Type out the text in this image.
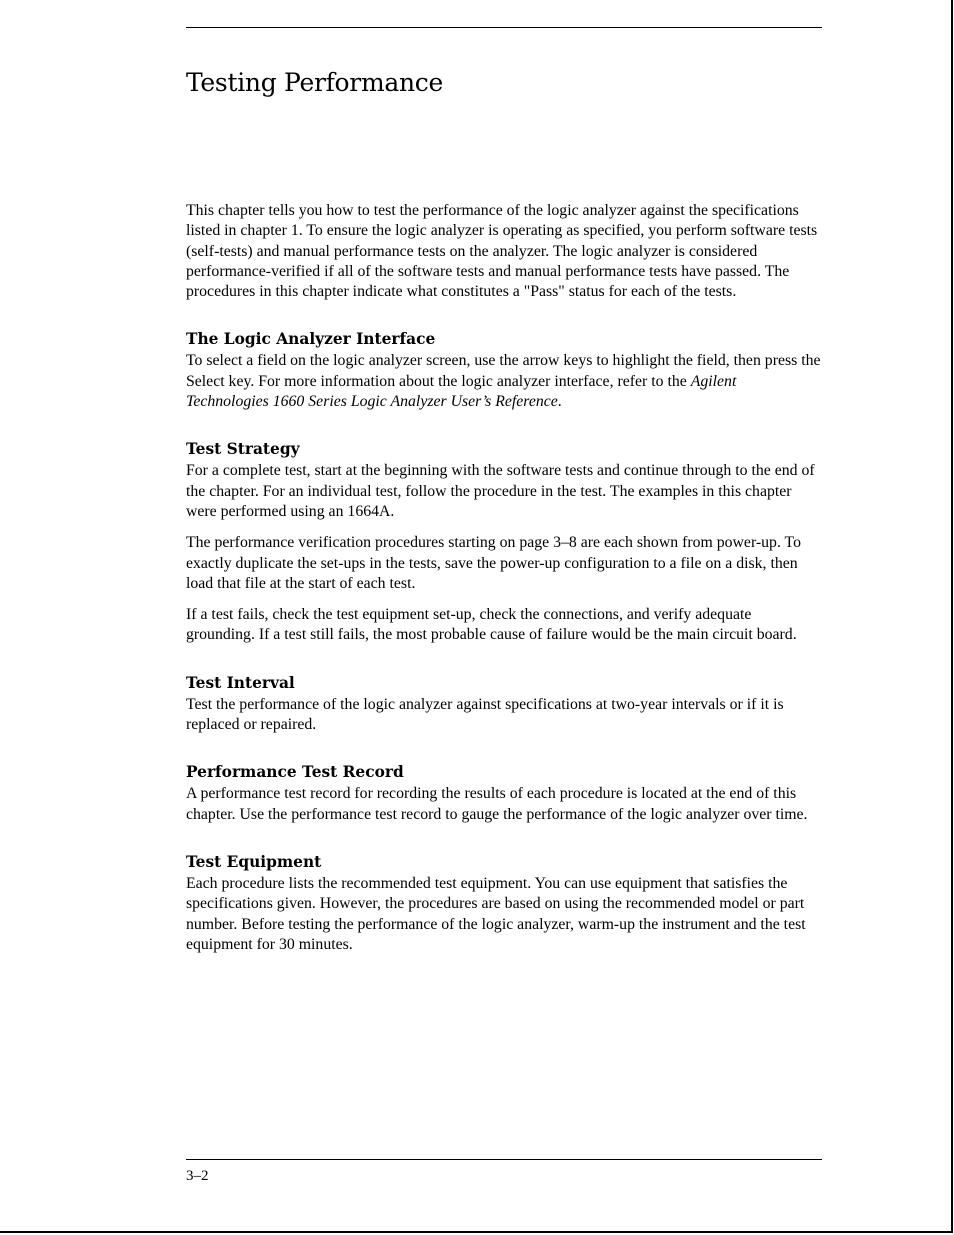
Testing Performance

This chapter tells you how to test the performance of the logic analyzer against the specifications listed in chapter 1. To ensure the logic analyzer is operating as specified, you perform software tests (self-tests) and manual performance tests on the analyzer. The logic analyzer is considered performance-verified if all of the software tests and manual performance tests have passed. The procedures in this chapter indicate what constitutes a "Pass" status for each of the tests.

The Logic Analyzer Interface

To select a field on the logic analyzer screen, use the arrow keys to highlight the field, then press the Select key. For more information about the logic analyzer interface, refer to the Agilent Technologies 1660 Series Logic Analyzer User’s Reference.

Test Strategy

For a complete test, start at the beginning with the software tests and continue through to the end of the chapter. For an individual test, follow the procedure in the test. The examples in this chapter were performed using an 1664A.

The performance verification procedures starting on page 3–8 are each shown from power-up. To exactly duplicate the set-ups in the tests, save the power-up configuration to a file on a disk, then load that file at the start of each test.

If a test fails, check the test equipment set-up, check the connections, and verify adequate grounding. If a test still fails, the most probable cause of failure would be the main circuit board.

Test Interval

Test the performance of the logic analyzer against specifications at two-year intervals or if it is replaced or repaired.

Performance Test Record

A performance test record for recording the results of each procedure is located at the end of this chapter. Use the performance test record to gauge the performance of the logic analyzer over time.

Test Equipment

Each procedure lists the recommended test equipment. You can use equipment that satisfies the specifications given. However, the procedures are based on using the recommended model or part number. Before testing the performance of the logic analyzer, warm-up the instrument and the test equipment for 30 minutes.

3–2
